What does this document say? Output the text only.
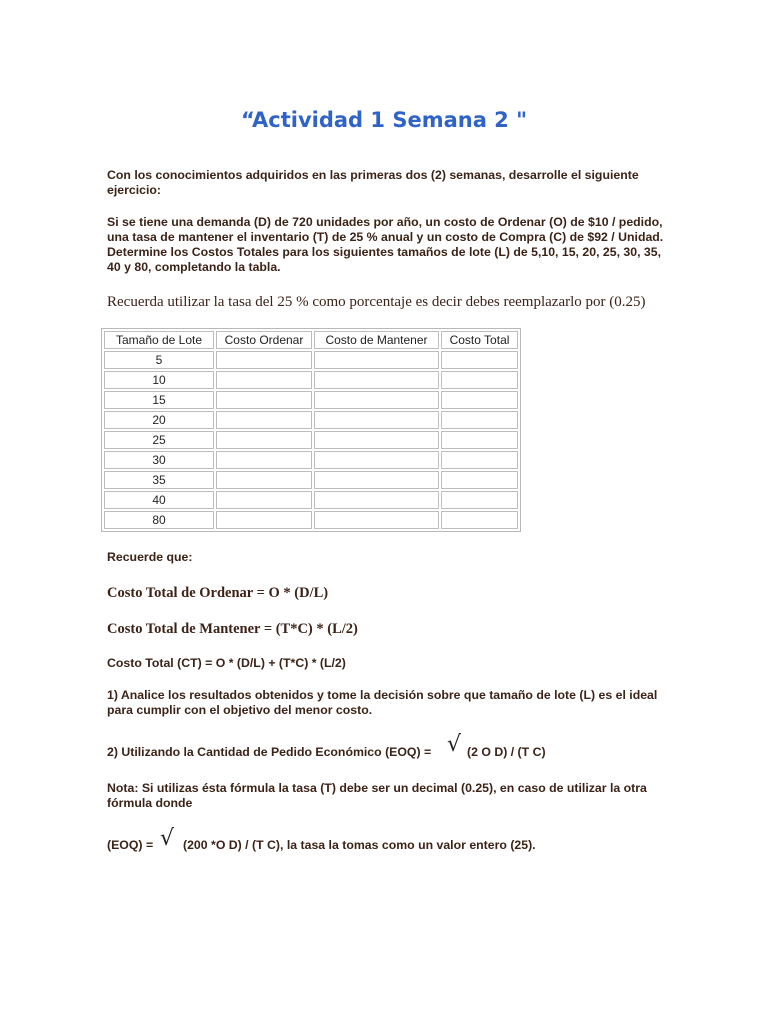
“Actividad 1 Semana 2 "
Con los conocimientos adquiridos en las primeras dos (2) semanas, desarrolle el siguiente ejercicio:
Si se tiene una demanda (D) de 720 unidades por año, un costo de Ordenar (O) de $10 / pedido, una tasa de mantener el inventario (T) de 25 % anual y un costo de Compra (C) de $92 / Unidad. Determine los Costos Totales para los siguientes tamaños de lote (L) de 5,10, 15, 20, 25, 30, 35, 40 y 80, completando la tabla.
Recuerda utilizar la tasa del 25 % como porcentaje es decir debes reemplazarlo por (0.25)
Tamaño de Lote	Costo Ordenar	Costo de Mantener	Costo Total
5			
10			
15			
20			
25			
30			
35			
40			
80			
Recuerde que:
Costo Total de Ordenar = O * (D/L)
Costo Total de Mantener = (T*C) * (L/2)
Costo Total (CT) = O * (D/L) + (T*C) * (L/2)
1) Analice los resultados obtenidos y tome la decisión sobre que tamaño de lote (L) es el ideal para cumplir con el objetivo del menor costo.
2) Utilizando la Cantidad de Pedido Económico (EOQ) = √ (2 O D) / (T C)
Nota: Si utilizas ésta fórmula la tasa (T) debe ser un decimal (0.25), en caso de utilizar la otra fórmula donde
(EOQ) = √ (200 *O D) / (T C), la tasa la tomas como un valor entero (25).
